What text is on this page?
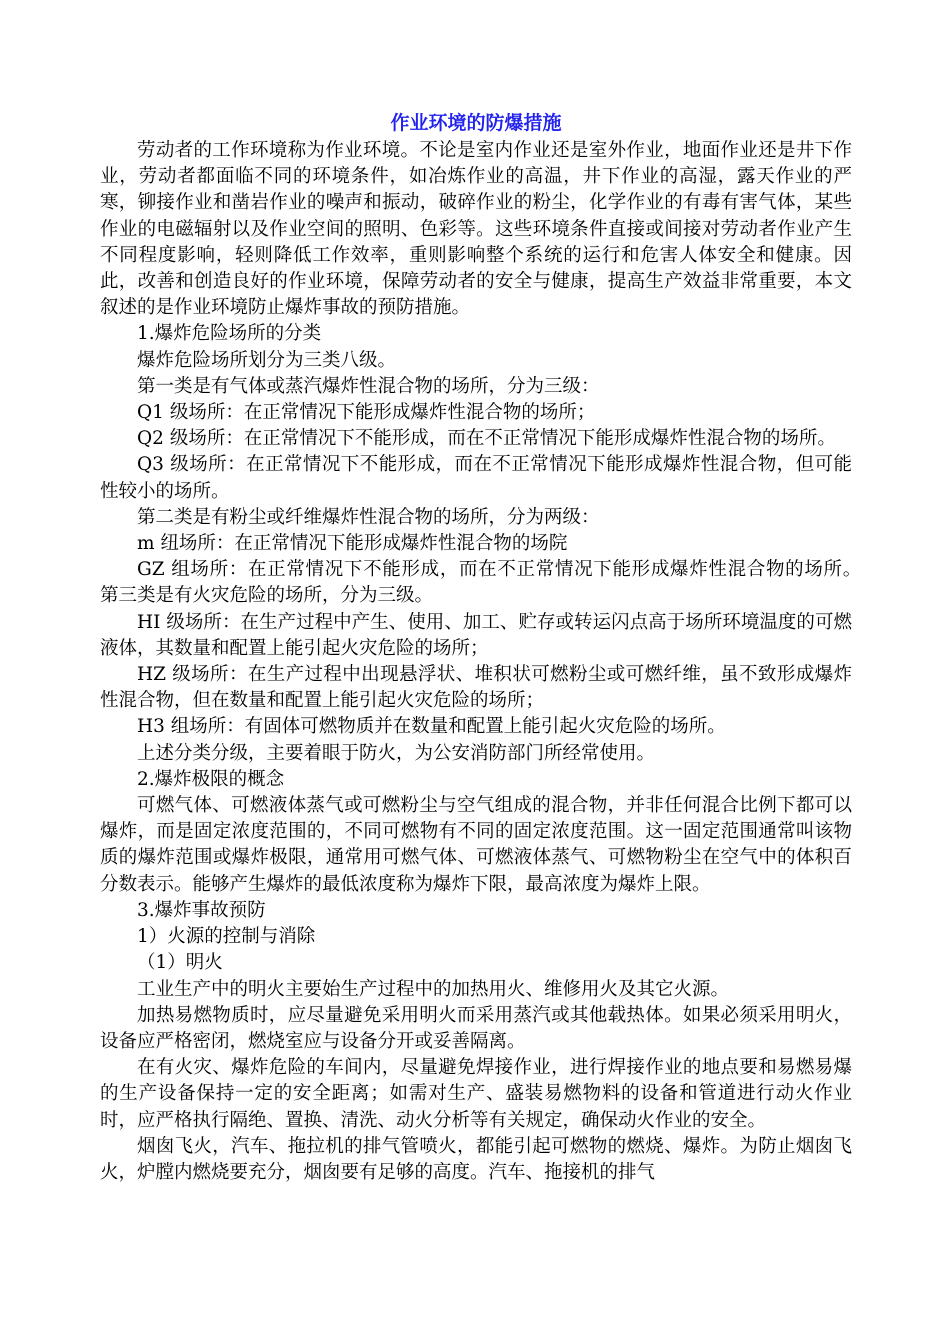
作业环境的防爆措施

劳动者的工作环境称为作业环境。不论是室内作业还是室外作业，地面作业还是井下作业，劳动者都面临不同的环境条件，如冶炼作业的高温，井下作业的高湿，露天作业的严寒，铆接作业和凿岩作业的噪声和振动，破碎作业的粉尘，化学作业的有毒有害气体，某些作业的电磁辐射以及作业空间的照明、色彩等。这些环境条件直接或间接对劳动者作业产生不同程度影响，轻则降低工作效率，重则影响整个系统的运行和危害人体安全和健康。因此，改善和创造良好的作业环境，保障劳动者的安全与健康，提高生产效益非常重要，本文叙述的是作业环境防止爆炸事故的预防措施。

1.爆炸危险场所的分类

爆炸危险场所划分为三类八级。

第一类是有气体或蒸汽爆炸性混合物的场所，分为三级：

Q1 级场所：在正常情况下能形成爆炸性混合物的场所；

Q2 级场所：在正常情况下不能形成，而在不正常情况下能形成爆炸性混合物的场所。

Q3 级场所：在正常情况下不能形成，而在不正常情况下能形成爆炸性混合物，但可能性较小的场所。

第二类是有粉尘或纤维爆炸性混合物的场所，分为两级：

m 纽场所：在正常情况下能形成爆炸性混合物的场院

GZ 组场所：在正常情况下不能形成，而在不正常情况下能形成爆炸性混合物的场所。　　第三类是有火灾危险的场所，分为三级。

HI 级场所：在生产过程中产生、使用、加工、贮存或转运闪点高于场所环境温度的可燃液体，其数量和配置上能引起火灾危险的场所；

HZ 级场所：在生产过程中出现悬浮状、堆积状可燃粉尘或可燃纤维，虽不致形成爆炸性混合物，但在数量和配置上能引起火灾危险的场所；

H3 组场所：有固体可燃物质并在数量和配置上能引起火灾危险的场所。

上述分类分级，主要着眼于防火，为公安消防部门所经常使用。

2.爆炸极限的概念

可燃气体、可燃液体蒸气或可燃粉尘与空气组成的混合物，并非任何混合比例下都可以爆炸，而是固定浓度范围的，不同可燃物有不同的固定浓度范围。这一固定范围通常叫该物质的爆炸范围或爆炸极限，通常用可燃气体、可燃液体蒸气、可燃物粉尘在空气中的体积百分数表示。能够产生爆炸的最低浓度称为爆炸下限，最高浓度为爆炸上限。

3.爆炸事故预防

1）火源的控制与消除

（1）明火

工业生产中的明火主要始生产过程中的加热用火、维修用火及其它火源。

加热易燃物质时，应尽量避免采用明火而采用蒸汽或其他载热体。如果必须采用明火，设备应严格密闭，燃烧室应与设备分开或妥善隔离。

在有火灾、爆炸危险的车间内，尽量避免焊接作业，进行焊接作业的地点要和易燃易爆的生产设备保持一定的安全距离；如需对生产、盛装易燃物料的设备和管道进行动火作业时，应严格执行隔绝、置换、清洗、动火分析等有关规定，确保动火作业的安全。

烟囱飞火，汽车、拖拉机的排气管喷火，都能引起可燃物的燃烧、爆炸。为防止烟囱飞火，炉膛内燃烧要充分，烟囱要有足够的高度。汽车、拖接机的排气
